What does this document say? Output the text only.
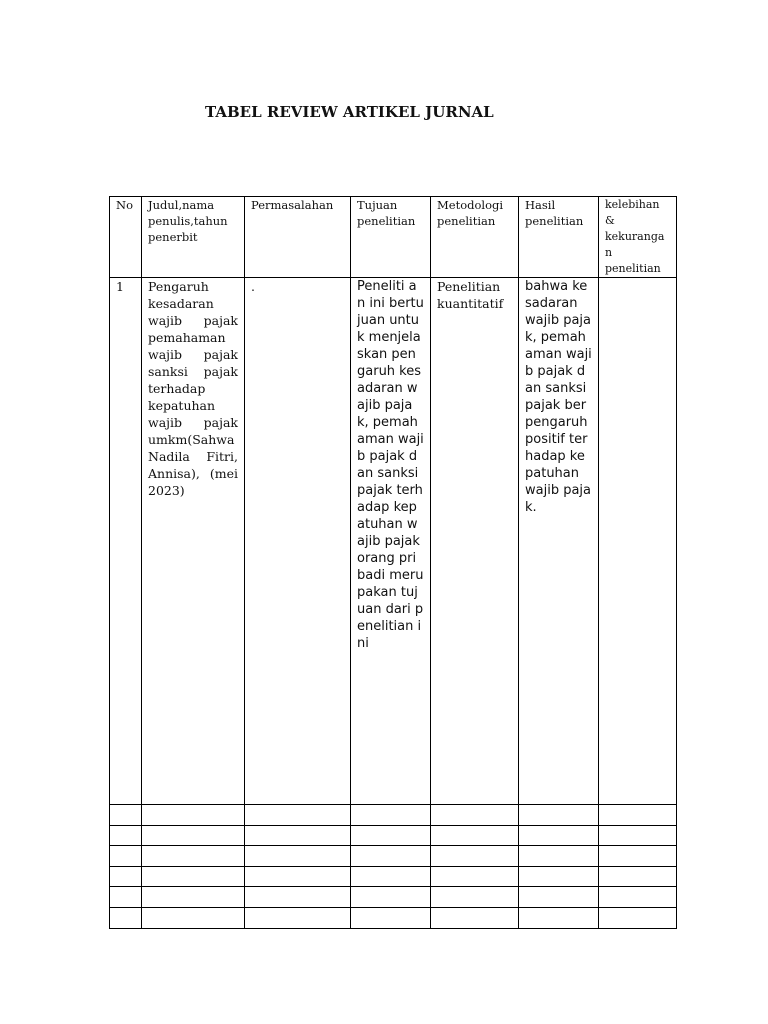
TABEL REVIEW ARTIKEL JURNAL
No	Judul,nama penulis,tahun penerbit	Permasalahan	Tujuan penelitian	Metodologi penelitian	Hasil penelitian	kelebihan & kekurangan penelitian
1	Pengaruh kesadaran wajib pajak pemahaman wajib pajak sanksi pajak terhadap kepatuhan wajib pajak umkm(Sahwa Nadila Fitri, Annisa), (mei 2023)	.	Peneliti an ini bertujuan untuk menjelaskan pengaruh kesadaran wajib pajak, pemahaman wajib pajak dan sanksi pajak terhadap kepatuhan wajib pajak orang pribadi merupakan tujuan dari penelitian ini	Penelitian kuantitatif	bahwa kesadaran wajib pajak, pemahaman wajib pajak dan sanksi pajak berpengaruh positif terhadap kepatuhan wajib pajak.	
